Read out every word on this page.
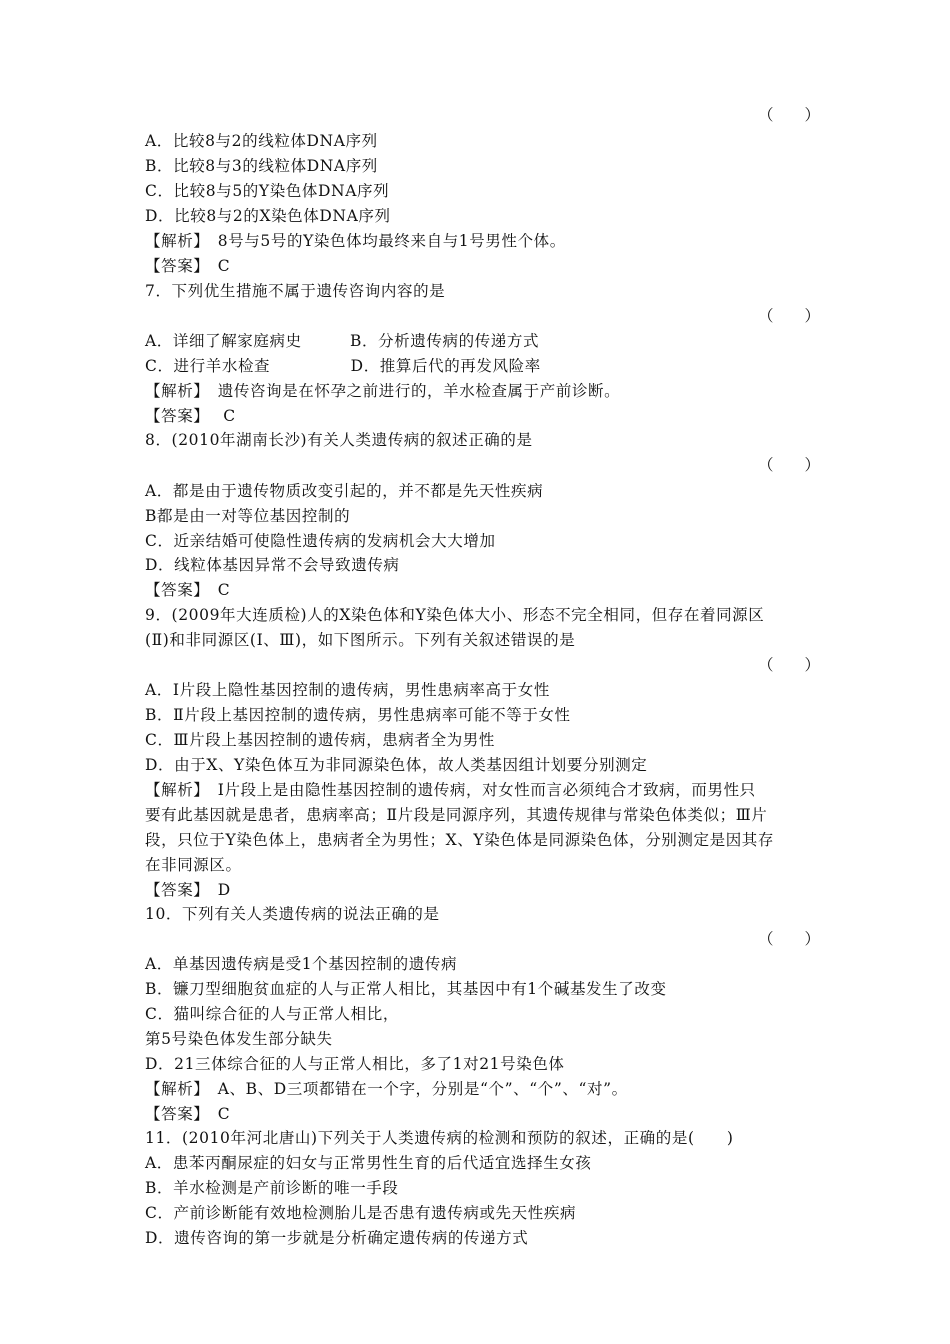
（　　）
A．比较8与2的线粒体DNA序列
B．比较8与3的线粒体DNA序列
C．比较8与5的Y染色体DNA序列
D．比较8与2的X染色体DNA序列
【解析】　8号与5号的Y染色体均最终来自与1号男性个体。
【答案】　C
7．下列优生措施不属于遗传咨询内容的是
（　　）
A．详细了解家庭病史　　　B．分析遗传病的传递方式
C．进行羊水检查　　　　　D．推算后代的再发风险率
【解析】　遗传咨询是在怀孕之前进行的，羊水检查属于产前诊断。
【答案】　 C
8．(2010年湖南长沙)有关人类遗传病的叙述正确的是
（　　）
A．都是由于遗传物质改变引起的，并不都是先天性疾病
B都是由一对等位基因控制的
C．近亲结婚可使隐性遗传病的发病机会大大增加
D．线粒体基因异常不会导致遗传病
【答案】　C
9．(2009年大连质检)人的X染色体和Y染色体大小、形态不完全相同，但存在着同源区
(Ⅱ)和非同源区(Ⅰ、Ⅲ)，如下图所示。下列有关叙述错误的是
（　　）
A．Ⅰ片段上隐性基因控制的遗传病，男性患病率高于女性
B．Ⅱ片段上基因控制的遗传病，男性患病率可能不等于女性
C．Ⅲ片段上基因控制的遗传病，患病者全为男性
D．由于X、Y染色体互为非同源染色体，故人类基因组计划要分别测定
【解析】　Ⅰ片段上是由隐性基因控制的遗传病，对女性而言必须纯合才致病，而男性只
要有此基因就是患者，患病率高；Ⅱ片段是同源序列，其遗传规律与常染色体类似；Ⅲ片
段，只位于Y染色体上，患病者全为男性；X、Y染色体是同源染色体，分别测定是因其存
在非同源区。
【答案】　D
10．下列有关人类遗传病的说法正确的是
（　　）
A．单基因遗传病是受1个基因控制的遗传病
B．镰刀型细胞贫血症的人与正常人相比，其基因中有1个碱基发生了改变
C．猫叫综合征的人与正常人相比，
第5号染色体发生部分缺失
D．21三体综合征的人与正常人相比，多了1对21号染色体
【解析】　A、B、D三项都错在一个字，分别是“个”、“个”、“对”。
【答案】　C
11．(2010年河北唐山)下列关于人类遗传病的检测和预防的叙述，正确的是(　　)
A．患苯丙酮尿症的妇女与正常男性生育的后代适宜选择生女孩
B．羊水检测是产前诊断的唯一手段
C．产前诊断能有效地检测胎儿是否患有遗传病或先天性疾病
D．遗传咨询的第一步就是分析确定遗传病的传递方式
